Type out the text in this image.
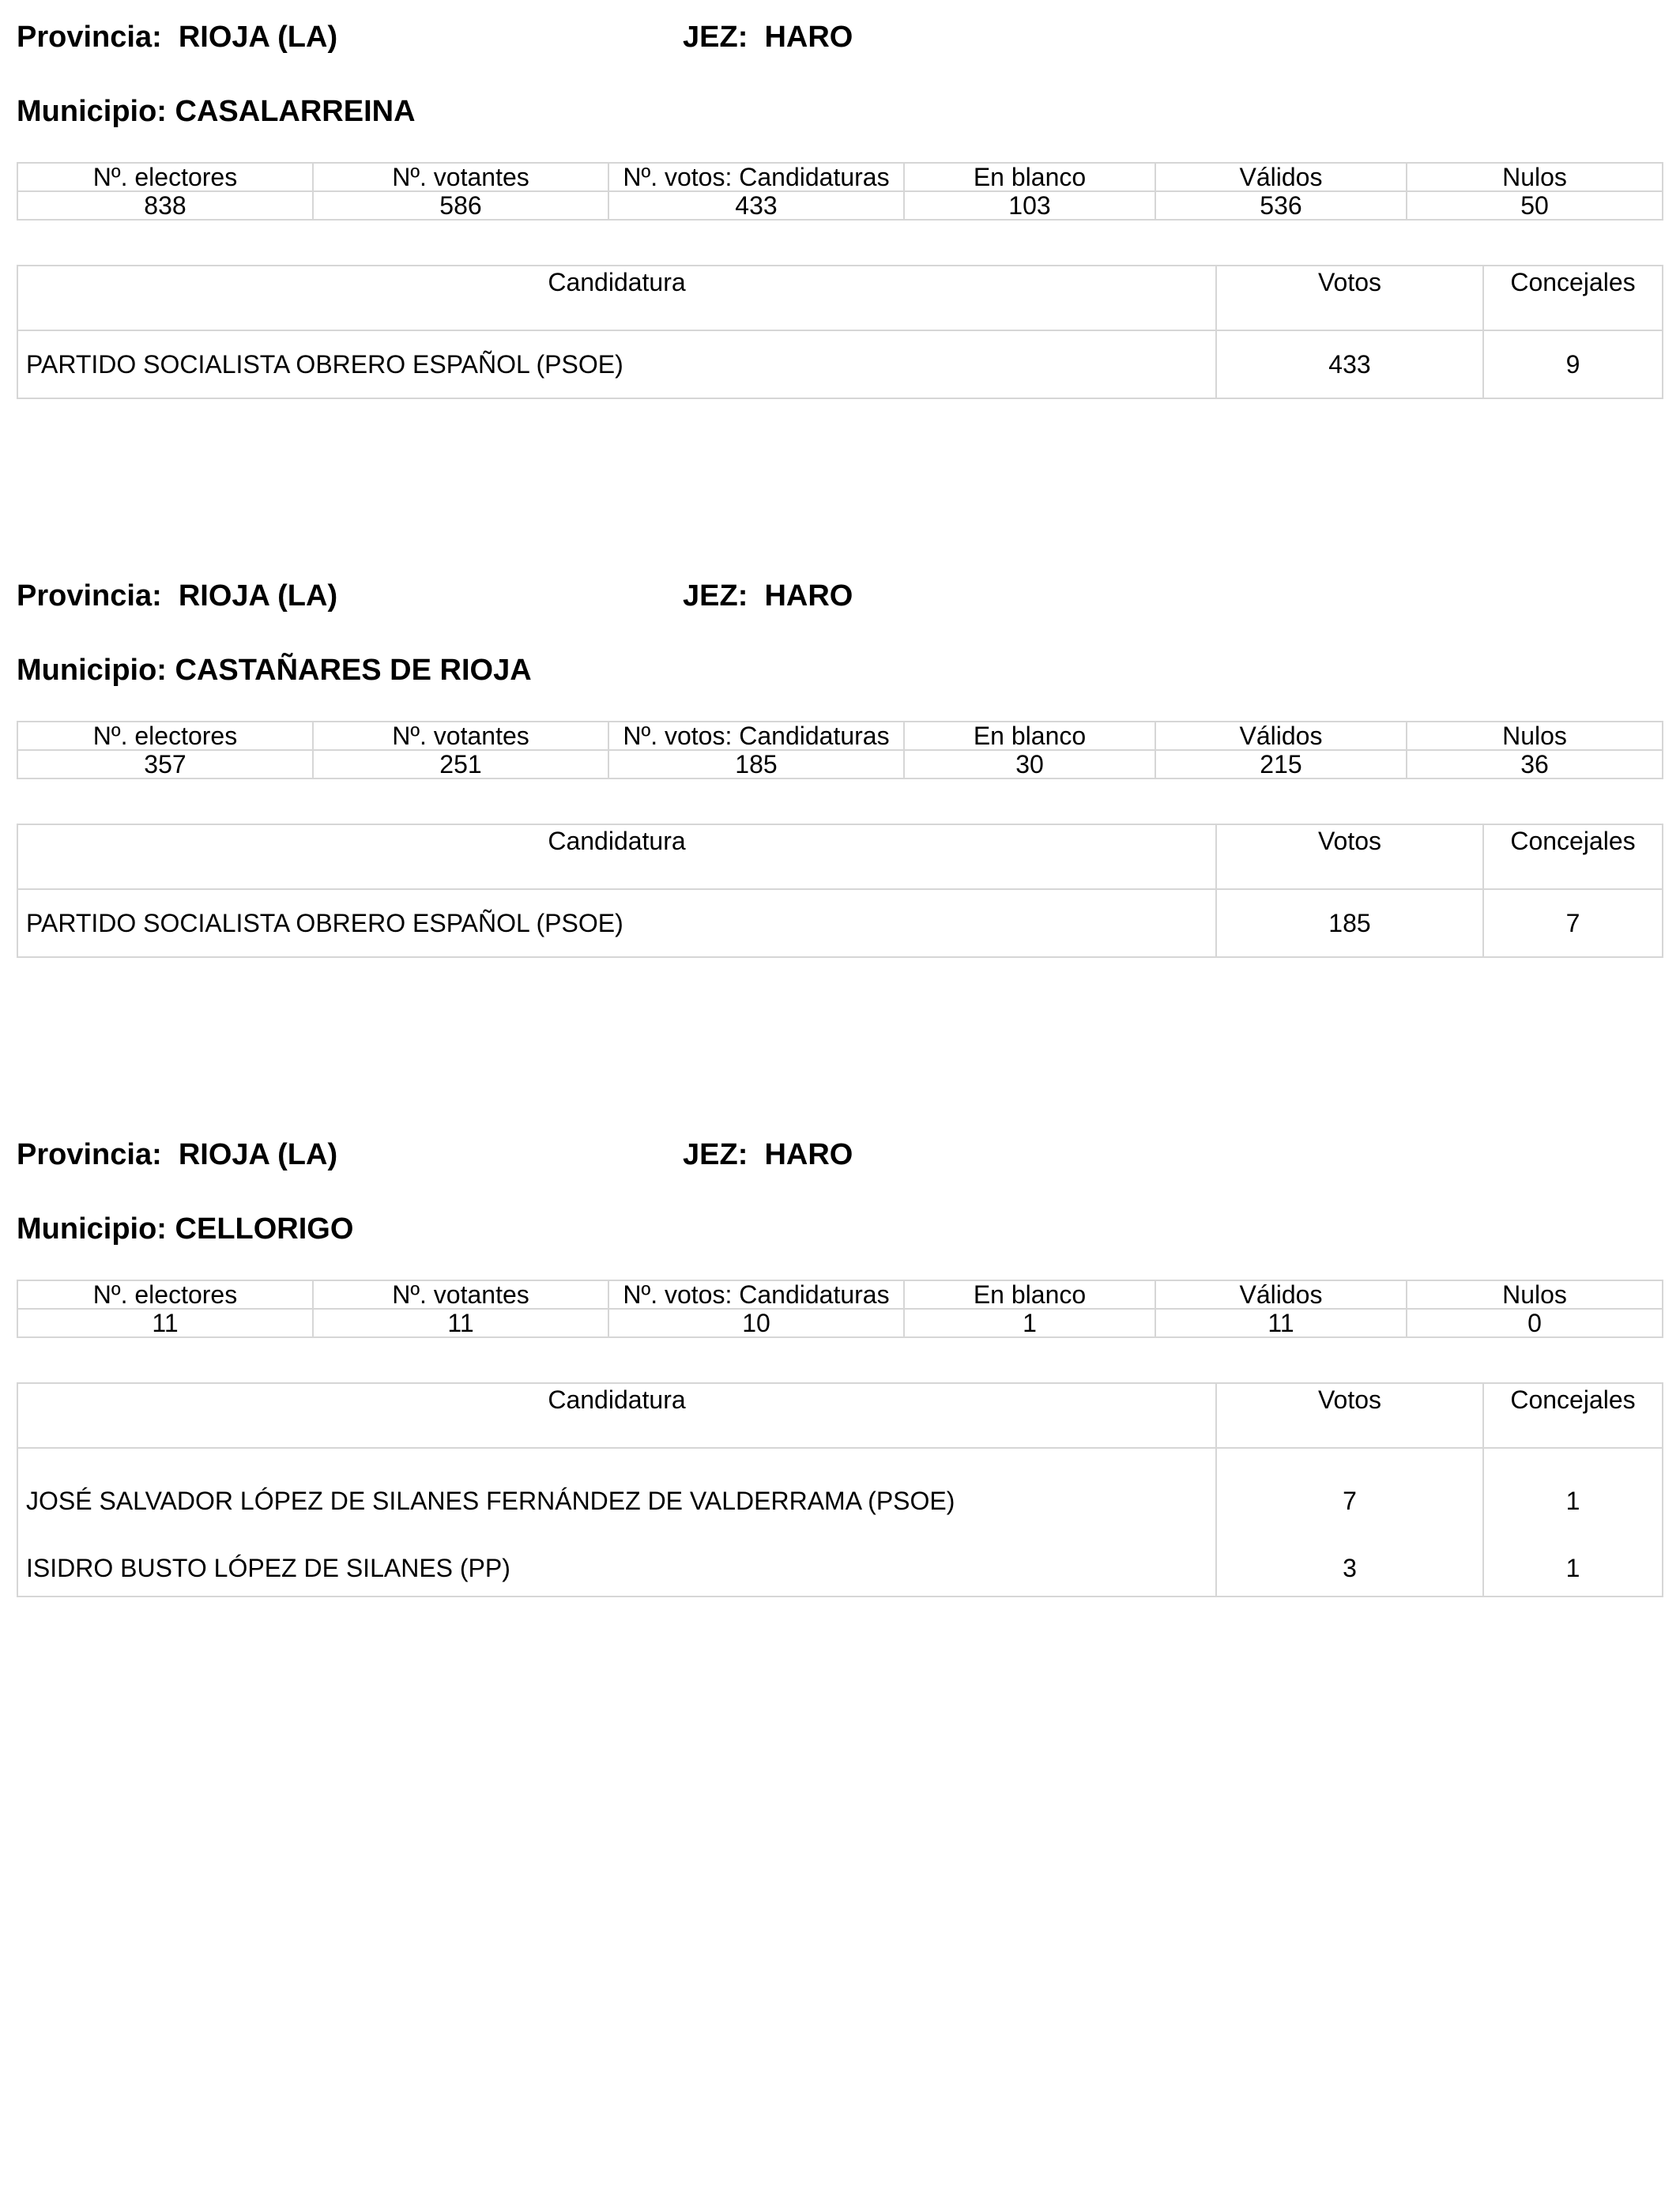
Provincia: RIOJA (LA)	JEZ: HARO
Municipio: CASALARREINA
Nº. electores	Nº. votantes	Nº. votos: Candidaturas	En blanco	Válidos	Nulos
838	586	433	103	536	50
Candidatura	Votos	Concejales
PARTIDO SOCIALISTA OBRERO ESPAÑOL (PSOE)	433	9
Provincia: RIOJA (LA)	JEZ: HARO
Municipio: CASTAÑARES DE RIOJA
Nº. electores	Nº. votantes	Nº. votos: Candidaturas	En blanco	Válidos	Nulos
357	251	185	30	215	36
Candidatura	Votos	Concejales
PARTIDO SOCIALISTA OBRERO ESPAÑOL (PSOE)	185	7
Provincia: RIOJA (LA)	JEZ: HARO
Municipio: CELLORIGO
Nº. electores	Nº. votantes	Nº. votos: Candidaturas	En blanco	Válidos	Nulos
11	11	10	1	11	0
Candidatura	Votos	Concejales
JOSÉ SALVADOR LÓPEZ DE SILANES FERNÁNDEZ DE VALDERRAMA (PSOE)	7	1
ISIDRO BUSTO LÓPEZ DE SILANES (PP)	3	1
